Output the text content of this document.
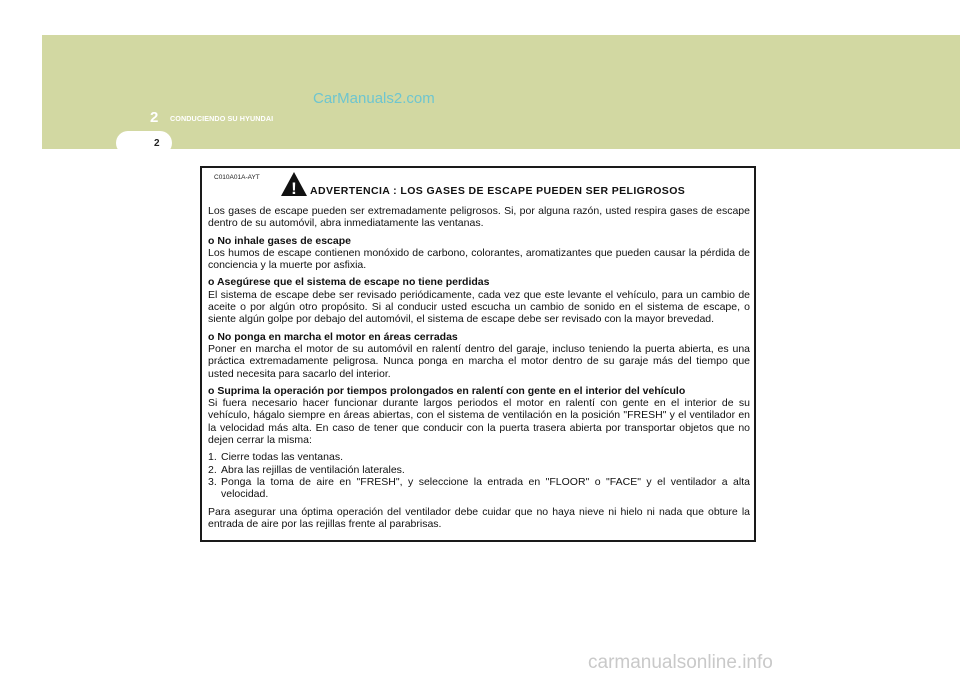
2 CONDUCIENDO SU HYUNDAI
2
CarManuals2.com
C010A01A-AYT
! ADVERTENCIA : LOS GASES DE ESCAPE PUEDEN SER PELIGROSOS

Los gases de escape pueden ser extremadamente peligrosos. Si, por alguna razón, usted respira gases de escape dentro de su automóvil, abra inmediatamente las ventanas.

o No inhale gases de escape
Los humos de escape contienen monóxido de carbono, colorantes, aromatizantes que pueden causar la pérdida de conciencia y la muerte por asfixia.

o Asegúrese que el sistema de escape no tiene perdidas
El sistema de escape debe ser revisado periódicamente, cada vez que este levante el vehículo, para un cambio de aceite o por algún otro propósito. Si al conducir usted escucha un cambio de sonido en el sistema de escape, o siente algún golpe por debajo del automóvil, el sistema de escape debe ser revisado con la mayor brevedad.

o No ponga en marcha el motor en áreas cerradas
Poner en marcha el motor de su automóvil en ralentí dentro del garaje, incluso teniendo la puerta abierta, es una práctica extremadamente peligrosa. Nunca ponga en marcha el motor dentro de su garaje más del tiempo que usted necesita para sacarlo del interior.

o Suprima la operación por tiempos prolongados en ralentí con gente en el interior del vehículo
Si fuera necesario hacer funcionar durante largos periodos el motor en ralentí con gente en el interior de su vehículo, hágalo siempre en áreas abiertas, con el sistema de ventilación en la posición "FRESH" y el ventilador en la velocidad más alta. En caso de tener que conducir con la puerta trasera abierta por transportar objetos que no dejen cerrar la misma:

1. Cierre todas las ventanas.
2. Abra las rejillas de ventilación laterales.
3. Ponga la toma de aire en "FRESH", y seleccione la entrada en "FLOOR" o "FACE" y el ventilador a alta velocidad.

Para asegurar una óptima operación del ventilador debe cuidar que no haya nieve ni hielo ni nada que obture la entrada de aire por las rejillas frente al parabrisas.

carmanualsonline.info
